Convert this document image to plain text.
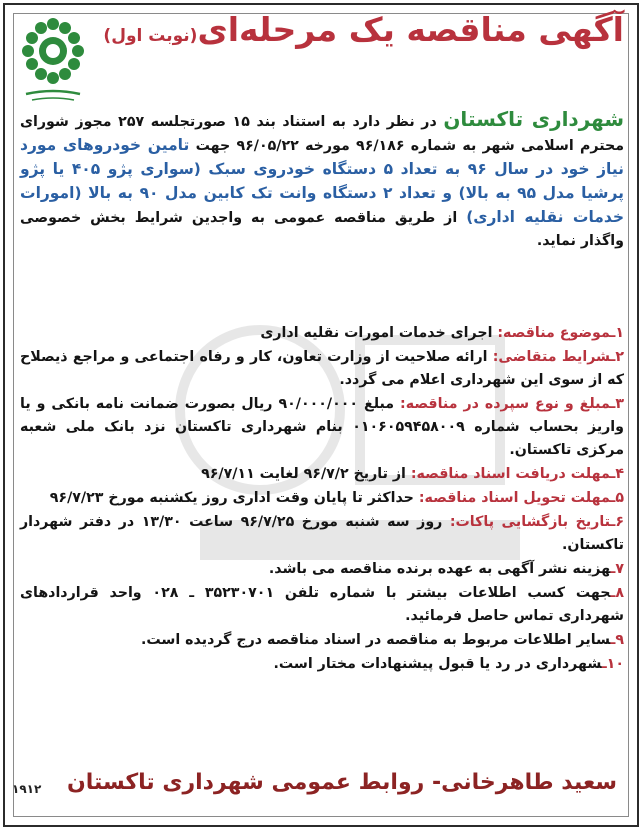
آگهی مناقصه یک مرحله‌ای(نوبت اول)
شهرداری تاکستان در نظر دارد به استناد بند ۱۵ صورتجلسه ۲۵۷ مجوز شورای محترم اسلامی شهر به شماره ۹۶/۱۸۶ مورخه ۹۶/۰۵/۲۲ جهت تامین خودروهای مورد نیاز خود در سال ۹۶ به تعداد ۵ دستگاه خودروی سبک (سواری پژو ۴۰۵ یا پژو پرشیا مدل ۹۵ به بالا) و تعداد ۲ دستگاه وانت تک کابین مدل ۹۰ به بالا (امورات خدمات نقلیه اداری) از طریق مناقصه عمومی به واجدین شرایط بخش خصوصی واگذار نماید.
۱ـموضوع مناقصه: اجرای خدمات امورات نقلیه اداری
۲ـشرایط متقاضی: ارائه صلاحیت از وزارت تعاون، کار و رفاه اجتماعی و مراجع ذیصلاح که از سوی این شهرداری اعلام می گردد.
۳ـمبلغ و نوع سپرده در مناقصه: مبلغ ۹۰/۰۰۰/۰۰۰ ریال بصورت ضمانت نامه بانکی و یا واریز بحساب شماره ۰۱۰۶۰۵۹۴۵۸۰۰۹ بنام شهرداری تاکستان نزد بانک ملی شعبه مرکزی تاکستان.
۴ـمهلت دریافت اسناد مناقصه: از تاریخ ۹۶/۷/۲ لغایت ۹۶/۷/۱۱
۵ـمهلت تحویل اسناد مناقصه: حداکثر تا پایان وقت اداری روز یکشنبه مورخ ۹۶/۷/۲۳
۶ـتاریخ بازگشایی پاکات: روز سه شنبه مورخ ۹۶/۷/۲۵ ساعت ۱۳/۳۰ در دفتر شهردار تاکستان.
۷ـهزینه نشر آگهی به عهده برنده مناقصه می باشد.
۸ـجهت کسب اطلاعات بیشتر با شماره تلفن ۳۵۲۳۰۷۰۱ ـ ۰۲۸ واحد قراردادهای شهرداری تماس حاصل فرمائید.
۹ـسایر اطلاعات مربوط به مناقصه در اسناد مناقصه درج گردیده است.
۱۰ـشهرداری در رد یا قبول پیشنهادات مختار است.
سعید طاهرخانی- روابط عمومی شهرداری تاکستان
۱۹۱۲
